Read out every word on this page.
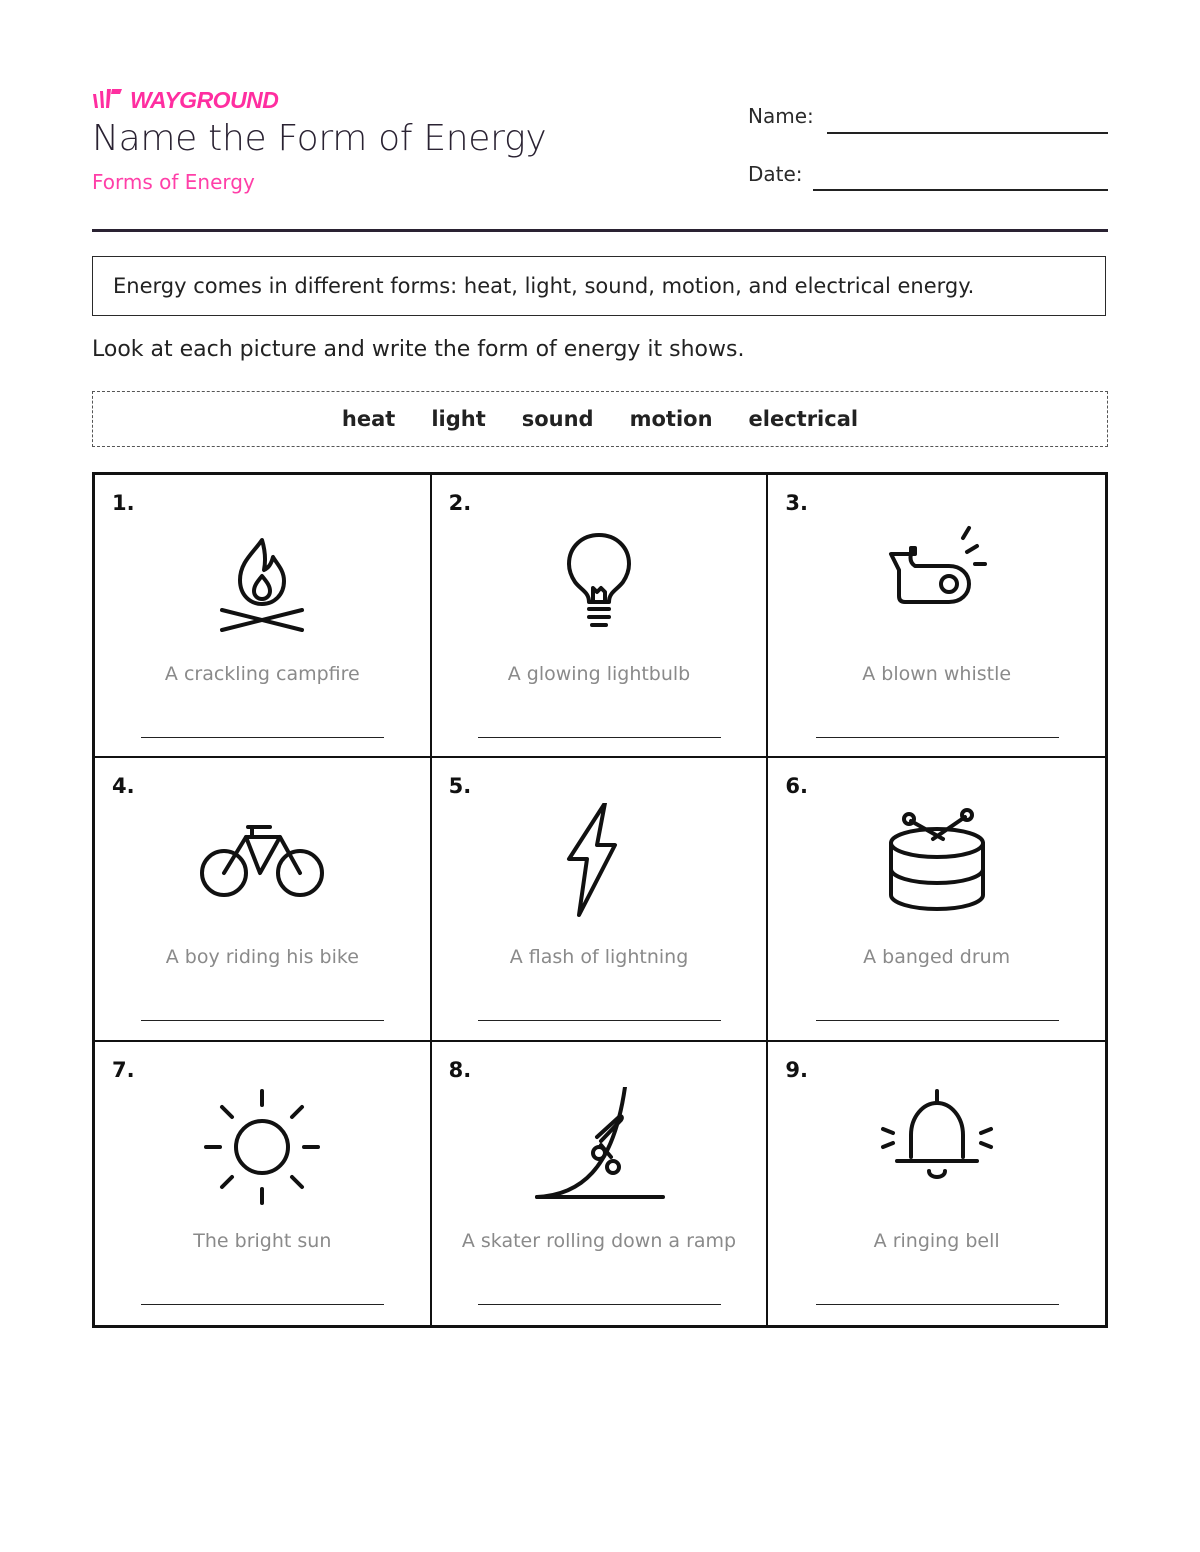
WAYGROUND
Name the Form of Energy
Forms of Energy
Name:
Date:
Energy comes in different forms: heat, light, sound, motion, and electrical energy.
Look at each picture and write the form of energy it shows.
heat light sound motion electrical
1.
A crackling campfire
2.
A glowing lightbulb
3.
A blown whistle
4.
A boy riding his bike
5.
A flash of lightning
6.
A banged drum
7.
The bright sun
8.
A skater rolling down a ramp
9.
A ringing bell
